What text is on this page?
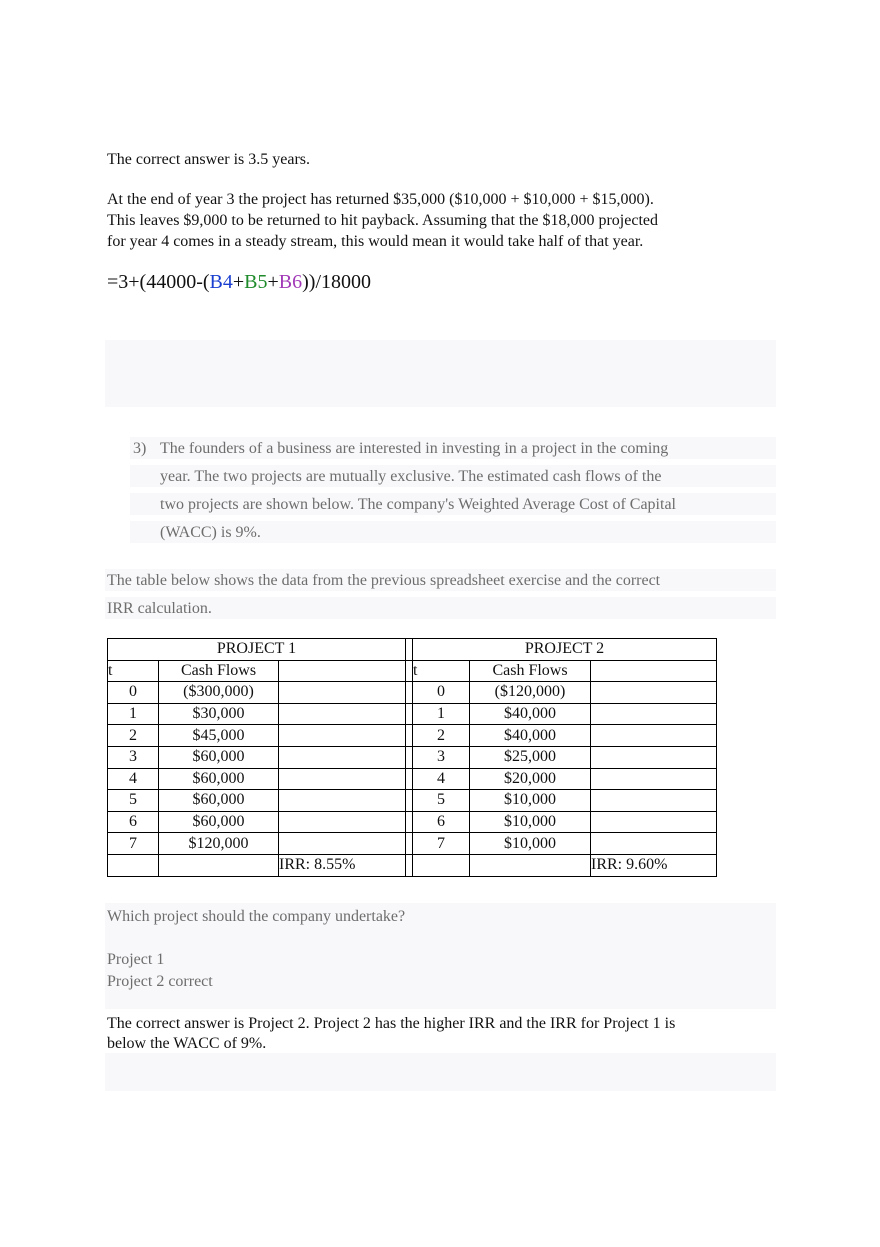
The correct answer is 3.5 years.
At the end of year 3 the project has returned $35,000 ($10,000 + $10,000 + $15,000).
This leaves $9,000 to be returned to hit payback. Assuming that the $18,000 projected
for year 4 comes in a steady stream, this would mean it would take half of that year.
=3+(44000-(B4+B5+B6))/18000
3) The founders of a business are interested in investing in a project in the coming
year. The two projects are mutually exclusive. The estimated cash flows of the
two projects are shown below. The company's Weighted Average Cost of Capital
(WACC) is 9%.
The table below shows the data from the previous spreadsheet exercise and the correct
IRR calculation.
PROJECT 1				PROJECT 2		
t	Cash Flows			t	Cash Flows	
0	($300,000)			0	($120,000)	
1	$30,000			1	$40,000	
2	$45,000			2	$40,000	
3	$60,000			3	$25,000	
4	$60,000			4	$20,000	
5	$60,000			5	$10,000	
6	$60,000			6	$10,000	
7	$120,000			7	$10,000	
		IRR: 8.55%				IRR: 9.60%
Which project should the company undertake?
Project 1
Project 2 correct
The correct answer is Project 2. Project 2 has the higher IRR and the IRR for Project 1 is
below the WACC of 9%.
